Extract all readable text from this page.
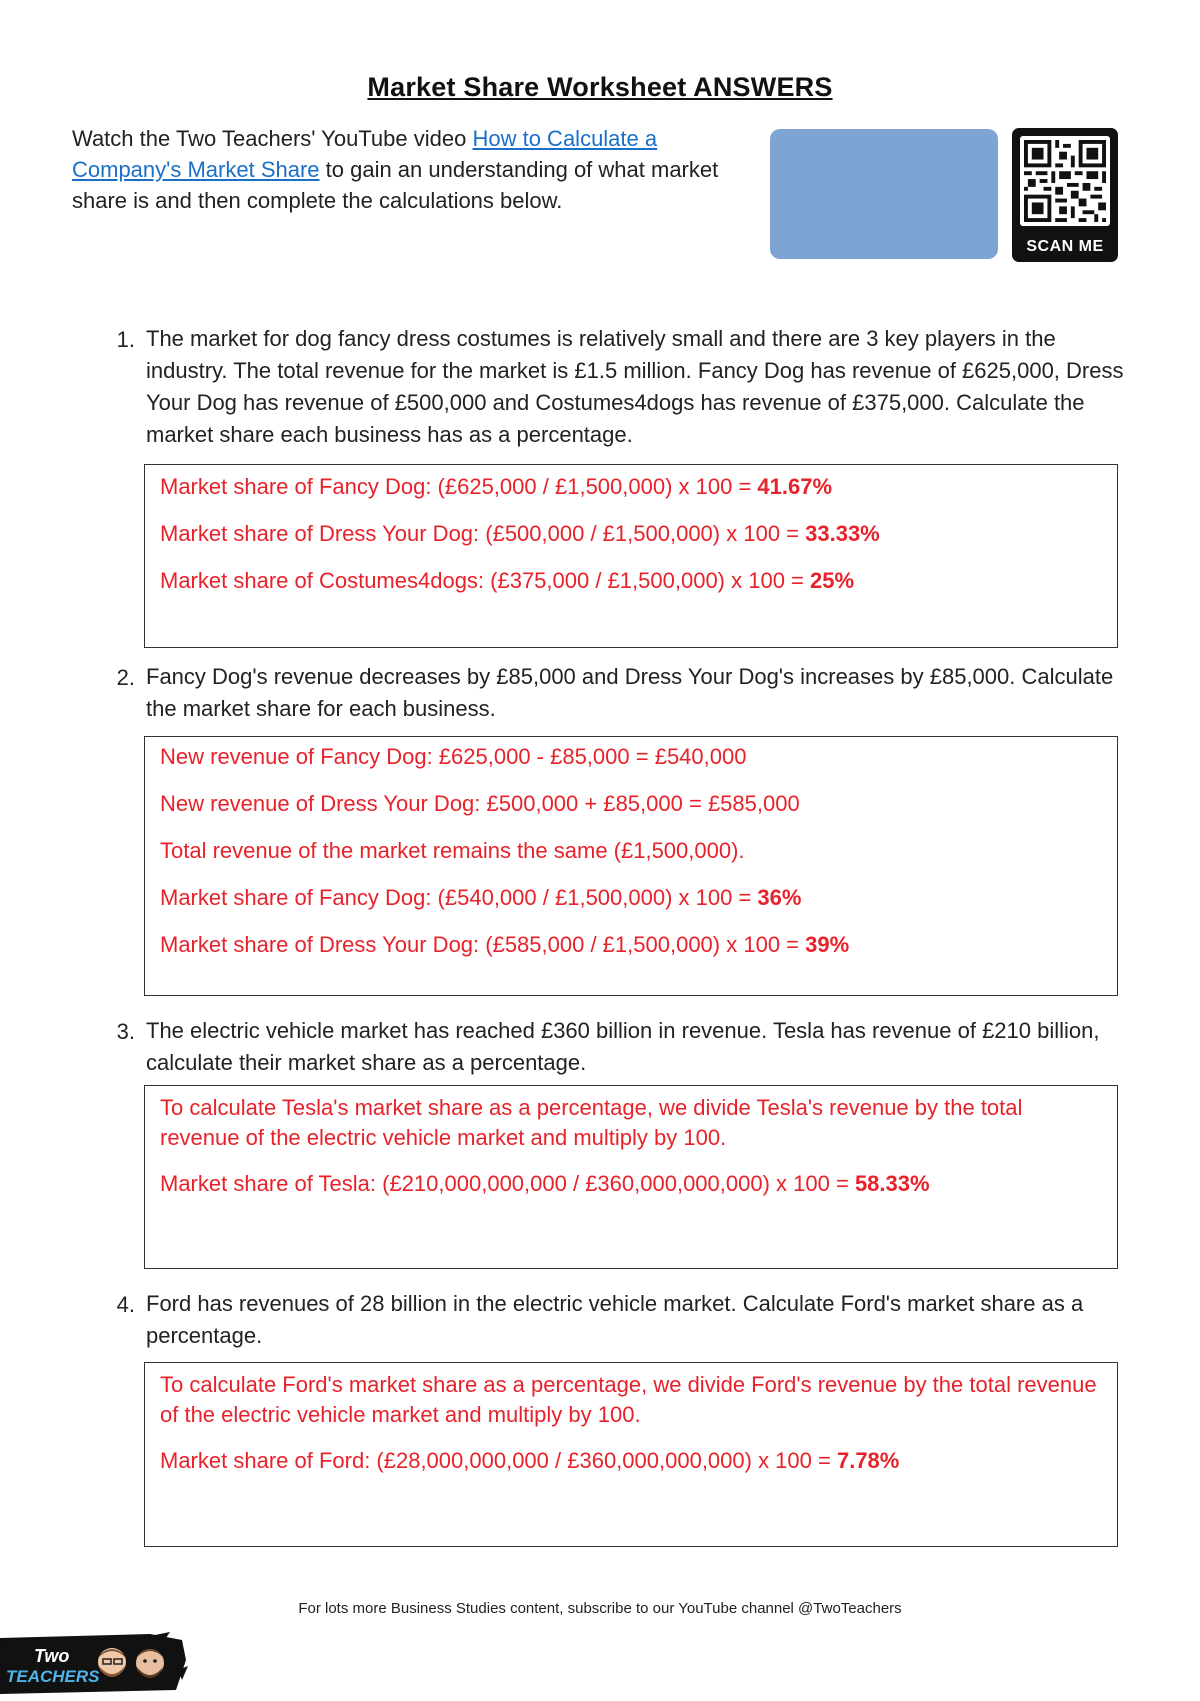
Market Share Worksheet ANSWERS
Watch the Two Teachers' YouTube video How to Calculate a Company's Market Share to gain an understanding of what market share is and then complete the calculations below.
SCAN ME
1. The market for dog fancy dress costumes is relatively small and there are 3 key players in the industry. The total revenue for the market is £1.5 million. Fancy Dog has revenue of £625,000, Dress Your Dog has revenue of £500,000 and Costumes4dogs has revenue of £375,000. Calculate the market share each business has as a percentage.
Market share of Fancy Dog: (£625,000 / £1,500,000) x 100 = 41.67%
Market share of Dress Your Dog: (£500,000 / £1,500,000) x 100 = 33.33%
Market share of Costumes4dogs: (£375,000 / £1,500,000) x 100 = 25%
2. Fancy Dog's revenue decreases by £85,000 and Dress Your Dog's increases by £85,000. Calculate the market share for each business.
New revenue of Fancy Dog: £625,000 - £85,000 = £540,000
New revenue of Dress Your Dog: £500,000 + £85,000 = £585,000
Total revenue of the market remains the same (£1,500,000).
Market share of Fancy Dog: (£540,000 / £1,500,000) x 100 = 36%
Market share of Dress Your Dog: (£585,000 / £1,500,000) x 100 = 39%
3. The electric vehicle market has reached £360 billion in revenue. Tesla has revenue of £210 billion, calculate their market share as a percentage.
To calculate Tesla's market share as a percentage, we divide Tesla's revenue by the total revenue of the electric vehicle market and multiply by 100.
Market share of Tesla: (£210,000,000,000 / £360,000,000,000) x 100 = 58.33%
4. Ford has revenues of 28 billion in the electric vehicle market. Calculate Ford's market share as a percentage.
To calculate Ford's market share as a percentage, we divide Ford's revenue by the total revenue of the electric vehicle market and multiply by 100.
Market share of Ford: (£28,000,000,000 / £360,000,000,000) x 100 = 7.78%
For lots more Business Studies content, subscribe to our YouTube channel @TwoTeachers
Two
TEACHERS
